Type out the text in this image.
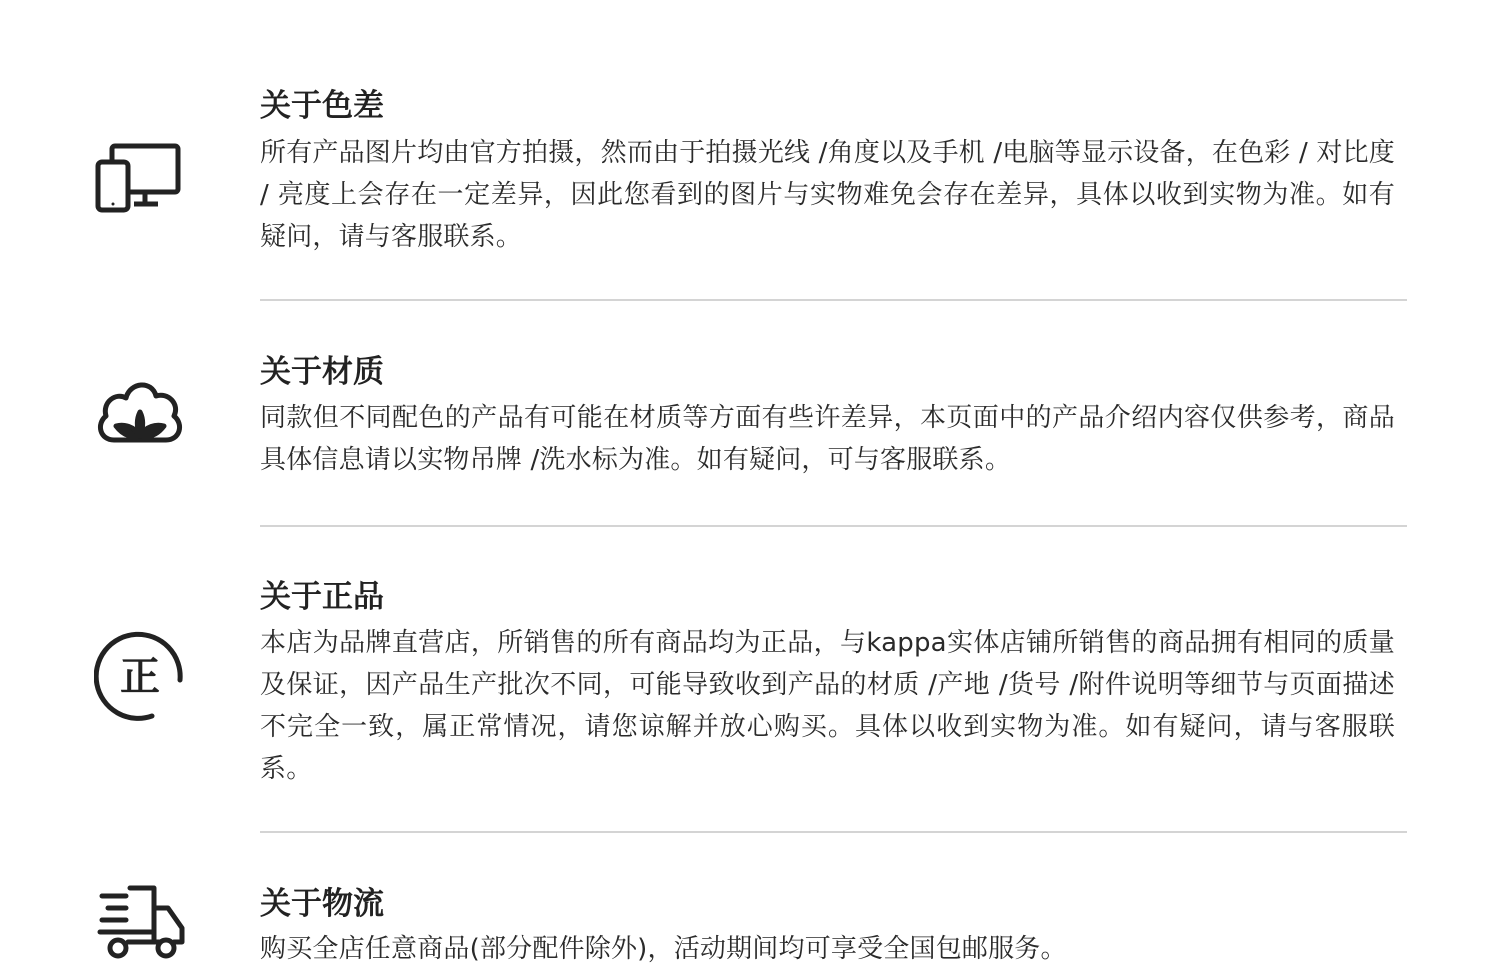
关于色差
所有产品图片均由官方拍摄，然而由于拍摄光线 /角度以及手机 /电脑等显示设备，在色彩 / 对比度 / 亮度上会存在一定差异，因此您看到的图片与实物难免会存在差异，具体以收到实物为准。如有疑问，请与客服联系。
关于材质
同款但不同配色的产品有可能在材质等方面有些许差异，本页面中的产品介绍内容仅供参考，商品具体信息请以实物吊牌 /洗水标为准。如有疑问，可与客服联系。
正
关于正品
本店为品牌直营店，所销售的所有商品均为正品，与kappa实体店铺所销售的商品拥有相同的质量及保证，因产品生产批次不同，可能导致收到产品的材质 /产地 /货号 /附件说明等细节与页面描述不完全一致，属正常情况，请您谅解并放心购买。具体以收到实物为准。如有疑问，请与客服联系。
关于物流
购买全店任意商品(部分配件除外)，活动期间均可享受全国包邮服务。
